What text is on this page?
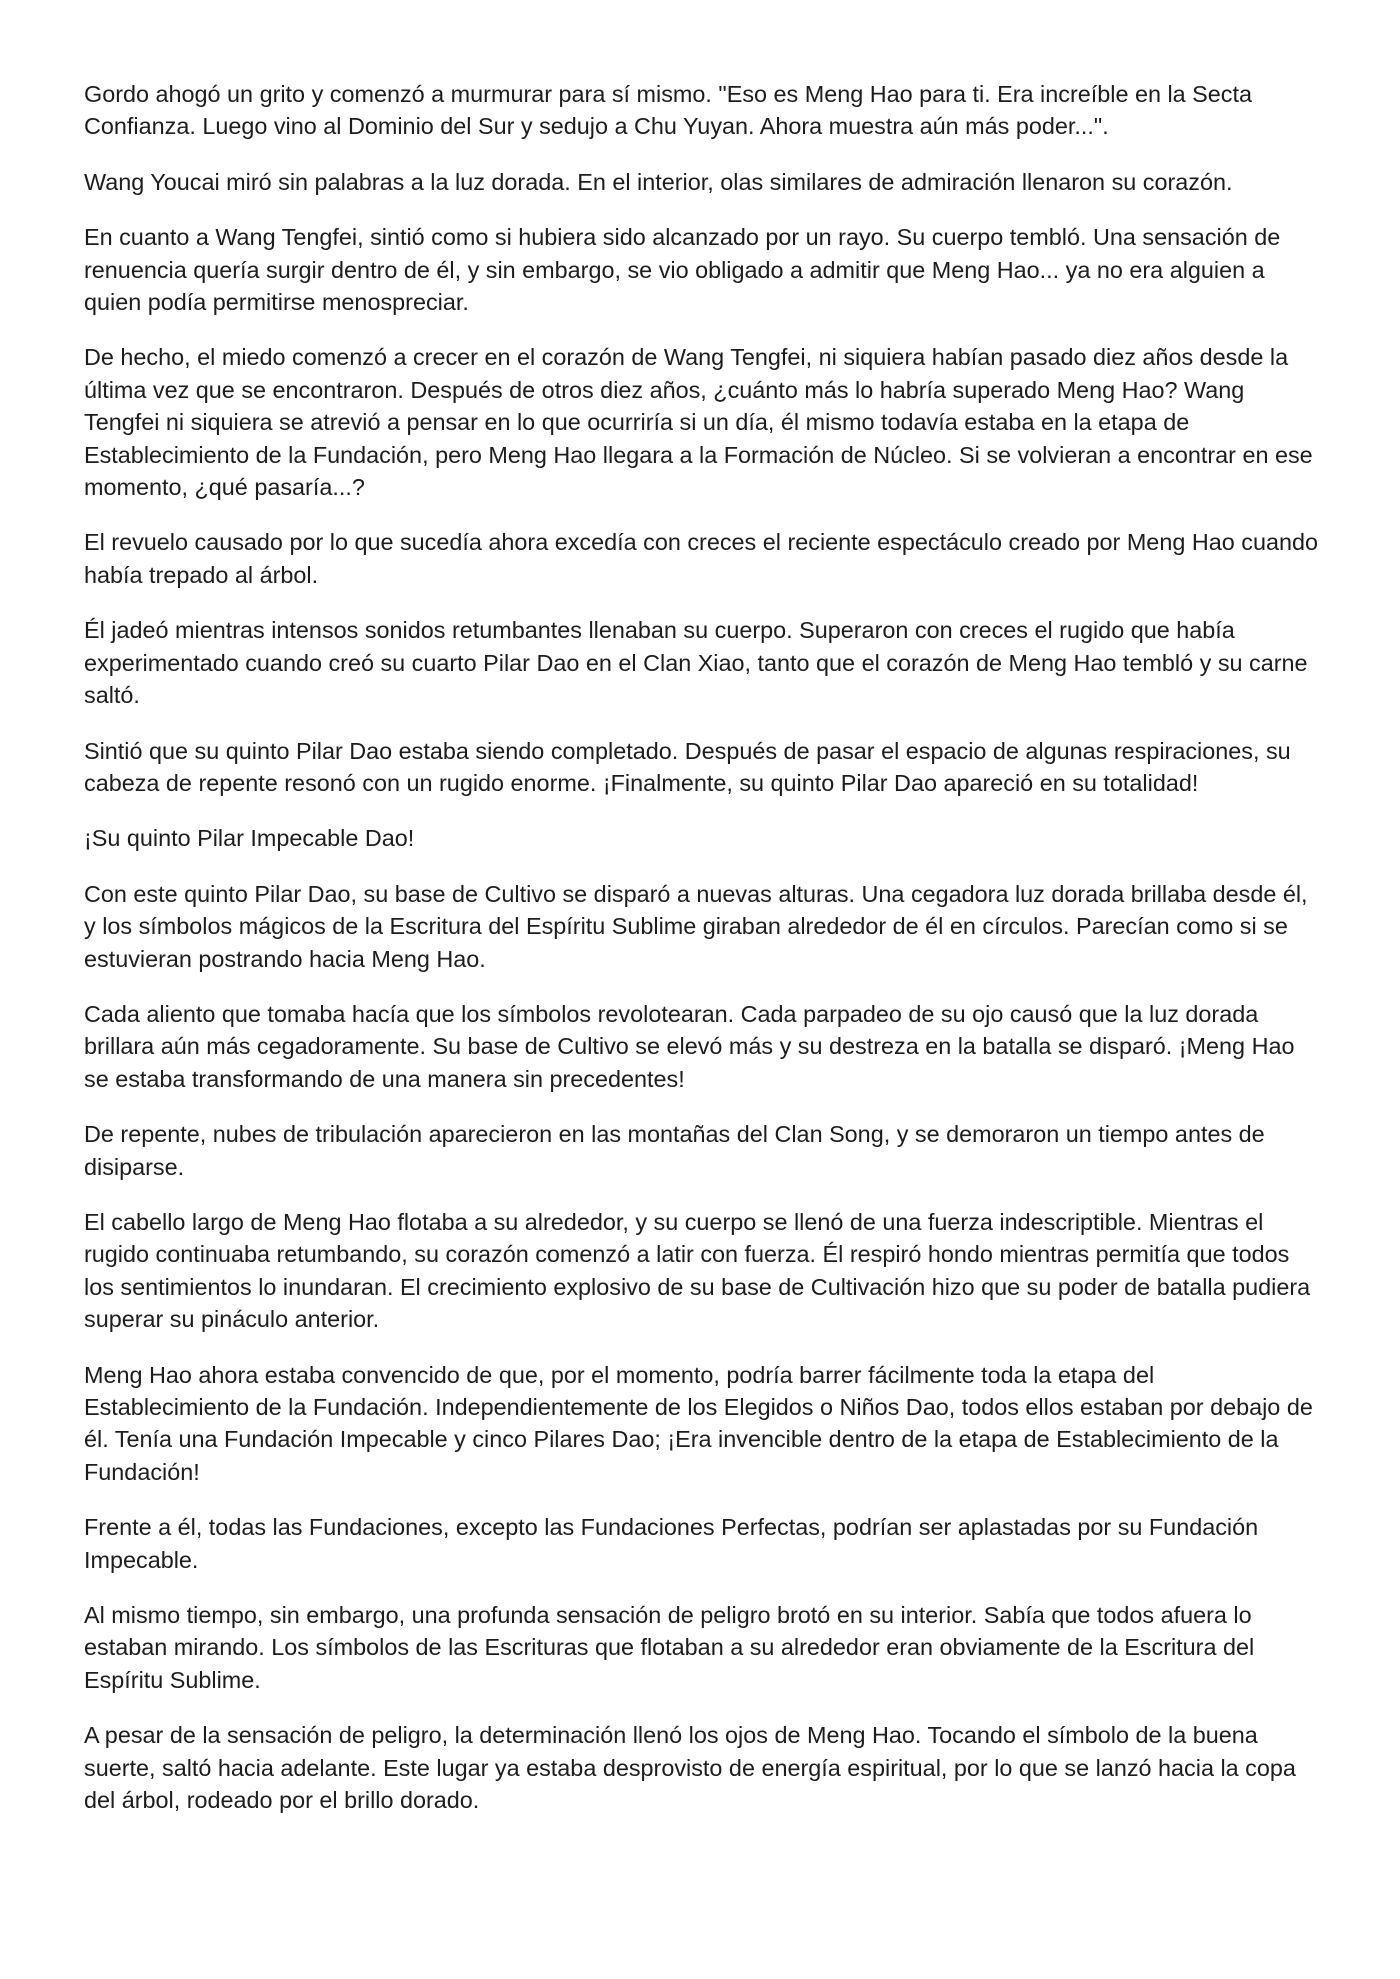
Gordo ahogó un grito y comenzó a murmurar para sí mismo. "Eso es Meng Hao para ti. Era increíble en la Secta Confianza. Luego vino al Dominio del Sur y sedujo a Chu Yuyan. Ahora muestra aún más poder...".

Wang Youcai miró sin palabras a la luz dorada. En el interior, olas similares de admiración llenaron su corazón.

En cuanto a Wang Tengfei, sintió como si hubiera sido alcanzado por un rayo. Su cuerpo tembló. Una sensación de renuencia quería surgir dentro de él, y sin embargo, se vio obligado a admitir que Meng Hao... ya no era alguien a quien podía permitirse menospreciar.

De hecho, el miedo comenzó a crecer en el corazón de Wang Tengfei, ni siquiera habían pasado diez años desde la última vez que se encontraron. Después de otros diez años, ¿cuánto más lo habría superado Meng Hao? Wang Tengfei ni siquiera se atrevió a pensar en lo que ocurriría si un día, él mismo todavía estaba en la etapa de Establecimiento de la Fundación, pero Meng Hao llegara a la Formación de Núcleo. Si se volvieran a encontrar en ese momento, ¿qué pasaría...?

El revuelo causado por lo que sucedía ahora excedía con creces el reciente espectáculo creado por Meng Hao cuando había trepado al árbol.

Él jadeó mientras intensos sonidos retumbantes llenaban su cuerpo. Superaron con creces el rugido que había experimentado cuando creó su cuarto Pilar Dao en el Clan Xiao, tanto que el corazón de Meng Hao tembló y su carne saltó.

Sintió que su quinto Pilar Dao estaba siendo completado. Después de pasar el espacio de algunas respiraciones, su cabeza de repente resonó con un rugido enorme. ¡Finalmente, su quinto Pilar Dao apareció en su totalidad!

¡Su quinto Pilar Impecable Dao!

Con este quinto Pilar Dao, su base de Cultivo se disparó a nuevas alturas. Una cegadora luz dorada brillaba desde él, y los símbolos mágicos de la Escritura del Espíritu Sublime giraban alrededor de él en círculos. Parecían como si se estuvieran postrando hacia Meng Hao.

Cada aliento que tomaba hacía que los símbolos revolotearan. Cada parpadeo de su ojo causó que la luz dorada brillara aún más cegadoramente. Su base de Cultivo se elevó más y su destreza en la batalla se disparó. ¡Meng Hao se estaba transformando de una manera sin precedentes!

De repente, nubes de tribulación aparecieron en las montañas del Clan Song, y se demoraron un tiempo antes de disiparse.

El cabello largo de Meng Hao flotaba a su alrededor, y su cuerpo se llenó de una fuerza indescriptible. Mientras el rugido continuaba retumbando, su corazón comenzó a latir con fuerza. Él respiró hondo mientras permitía que todos los sentimientos lo inundaran. El crecimiento explosivo de su base de Cultivación hizo que su poder de batalla pudiera superar su pináculo anterior.

Meng Hao ahora estaba convencido de que, por el momento, podría barrer fácilmente toda la etapa del Establecimiento de la Fundación. Independientemente de los Elegidos o Niños Dao, todos ellos estaban por debajo de él. Tenía una Fundación Impecable y cinco Pilares Dao; ¡Era invencible dentro de la etapa de Establecimiento de la Fundación!

Frente a él, todas las Fundaciones, excepto las Fundaciones Perfectas, podrían ser aplastadas por su Fundación Impecable.

Al mismo tiempo, sin embargo, una profunda sensación de peligro brotó en su interior. Sabía que todos afuera lo estaban mirando. Los símbolos de las Escrituras que flotaban a su alrededor eran obviamente de la Escritura del Espíritu Sublime.

A pesar de la sensación de peligro, la determinación llenó los ojos de Meng Hao. Tocando el símbolo de la buena suerte, saltó hacia adelante. Este lugar ya estaba desprovisto de energía espiritual, por lo que se lanzó hacia la copa del árbol, rodeado por el brillo dorado.
